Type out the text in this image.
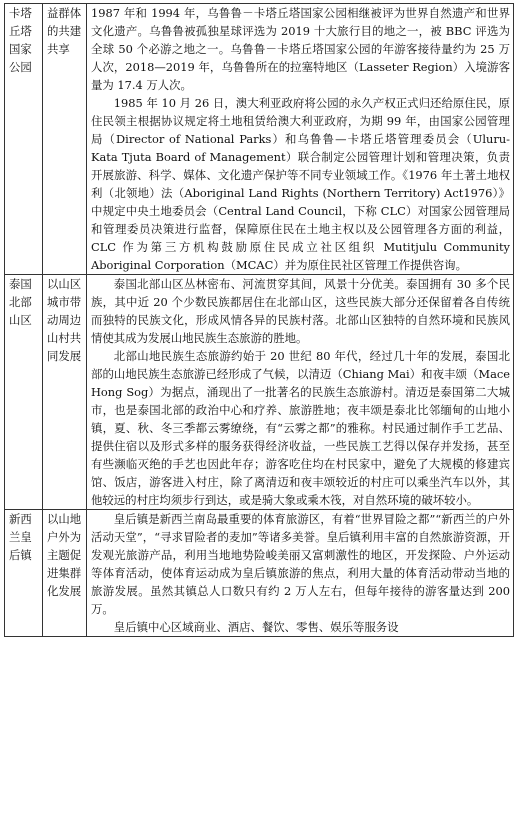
卡塔丘塔国家公园	益群体的共建共享	1987 年和 1994 年，乌鲁鲁－卡塔丘塔国家公园相继被评为世界自然遗产和世界文化遗产。乌鲁鲁被孤独星球评选为 2019 十大旅行目的地之一，被 BBC 评选为全球 50 个必游之地之一。乌鲁鲁－卡塔丘塔国家公园的年游客接待量约为 25 万人次，2018—2019 年，乌鲁鲁所在的拉塞特地区（Lasseter Region）入境游客量为 17.4 万人次。

1985 年 10 月 26 日，澳大利亚政府将公园的永久产权正式归还给原住民，原住民领主根据协议规定将土地租赁给澳大利亚政府，为期 99 年，由国家公园管理局（Director of National Parks）和乌鲁鲁—卡塔丘塔管理委员会（Uluru-Kata Tjuta Board of Management）联合制定公园管理计划和管理决策，负责开展旅游、科学、媒体、文化遗产保护等不同专业领域工作。《1976 年土著土地权利（北领地）法（Aboriginal Land Rights (Northern Territory) Act1976）》中规定中央土地委员会（Central Land Council，下称 CLC）对国家公园管理局和管理委员决策进行监督，保障原住民在土地主权以及公园管理各方面的利益，CLC 作为第三方机构鼓励原住民成立社区组织 Mutitjulu Community Aboriginal Corporation（MCAC）并为原住民社区管理工作提供咨询。

泰国北部山区	以山区城市带动周边山村共同发展	泰国北部山区丛林密布、河流贯穿其间，风景十分优美。泰国拥有 30 多个民族，其中近 20 个少数民族都居住在北部山区，这些民族大部分还保留着各自传统而独特的民族文化，形成风情各异的民族村落。北部山区独特的自然环境和民族风情使其成为发展山地民族生态旅游的胜地。

北部山地民族生态旅游约始于 20 世纪 80 年代，经过几十年的发展，泰国北部的山地民族生态旅游已经形成了气候，以清迈（Chiang Mai）和夜丰颂（Mace Hong Sog）为据点，涌现出了一批著名的民族生态旅游村。清迈是泰国第二大城市，也是泰国北部的政治中心和疗养、旅游胜地；夜丰颂是泰北比邻缅甸的山地小镇，夏、秋、冬三季都云雾缭绕，有“云雾之都”的雅称。村民通过制作手工艺品、提供住宿以及形式多样的服务获得经济收益，一些民族工艺得以保存并发扬，甚至有些濒临灭绝的手艺也因此年存；游客吃住均在村民家中，避免了大规模的修建宾馆、饭店，游客进入村庄，除了离清迈和夜丰颂较近的村庄可以乘坐汽车以外，其他较远的村庄均须步行到达，或是骑大象或乘木筏，对自然环境的破坏较小。

新西兰皇后镇	以山地户外为主题促进集群化发展	皇后镇是新西兰南岛最重要的体育旅游区，有着“世界冒险之都”“新西兰的户外活动天堂”，“寻求冒险者的麦加”等诸多美誉。皇后镇利用丰富的自然旅游资源，开发观光旅游产品，利用当地地势险峻美丽又富刺激性的地区，开发探险、户外运动等体育活动，使体育运动成为皇后镇旅游的焦点，利用大量的体育活动带动当地的旅游发展。虽然其镇总人口数只有约 2 万人左右，但每年接待的游客量达到 200 万。

皇后镇中心区域商业、酒店、餐饮、零售、娱乐等服务设
